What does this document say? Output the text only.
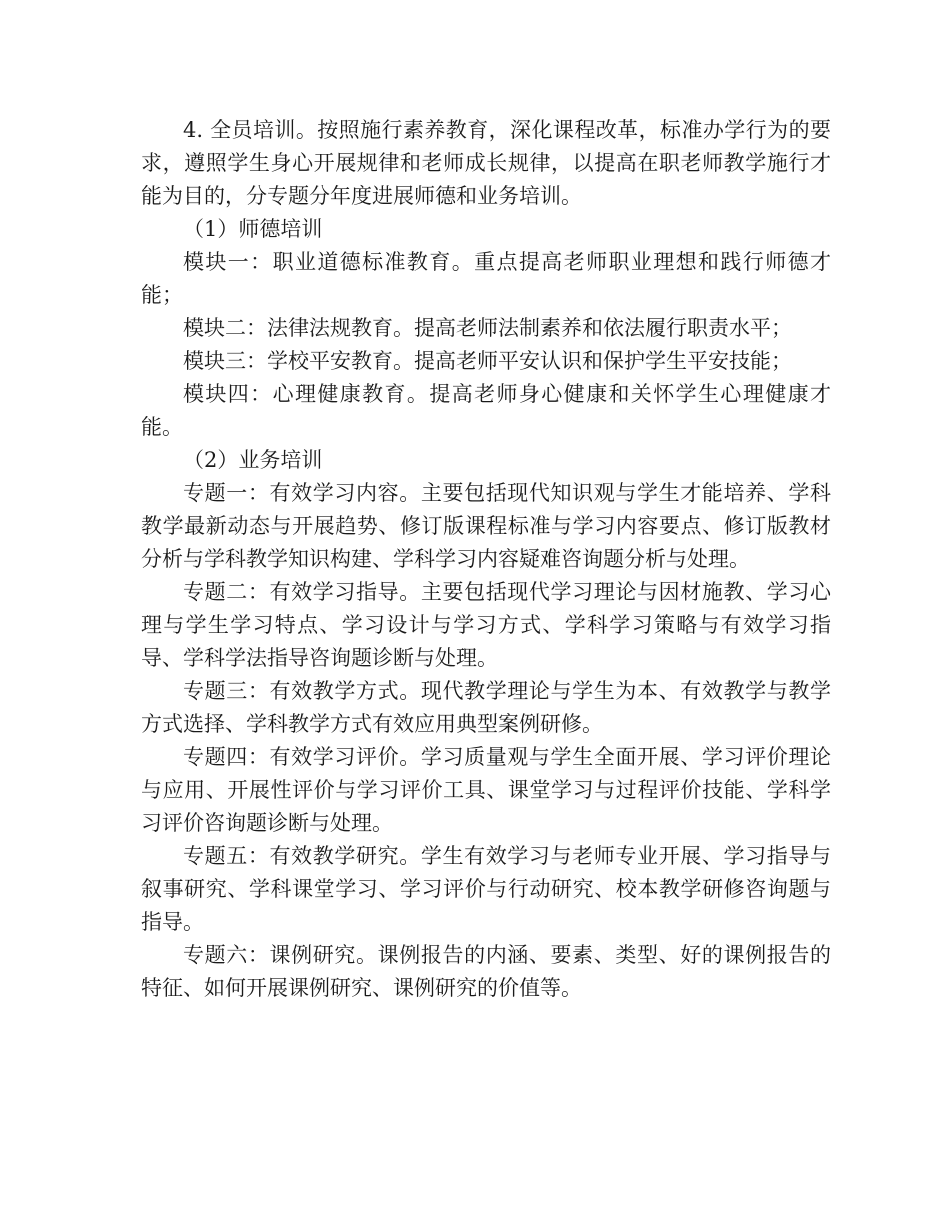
4. 全员培训。按照施行素养教育，深化课程改革，标准办学行为的要求，遵照学生身心开展规律和老师成长规律，以提高在职老师教学施行才能为目的，分专题分年度进展师德和业务培训。

（1）师德培训

模块一：职业道德标准教育。重点提高老师职业理想和践行师德才能；

模块二：法律法规教育。提高老师法制素养和依法履行职责水平；

模块三：学校平安教育。提高老师平安认识和保护学生平安技能；

模块四：心理健康教育。提高老师身心健康和关怀学生心理健康才能。

（2）业务培训

专题一：有效学习内容。主要包括现代知识观与学生才能培养、学科教学最新动态与开展趋势、修订版课程标准与学习内容要点、修订版教材分析与学科教学知识构建、学科学习内容疑难咨询题分析与处理。

专题二：有效学习指导。主要包括现代学习理论与因材施教、学习心理与学生学习特点、学习设计与学习方式、学科学习策略与有效学习指导、学科学法指导咨询题诊断与处理。

专题三：有效教学方式。现代教学理论与学生为本、有效教学与教学方式选择、学科教学方式有效应用典型案例研修。

专题四：有效学习评价。学习质量观与学生全面开展、学习评价理论与应用、开展性评价与学习评价工具、课堂学习与过程评价技能、学科学习评价咨询题诊断与处理。

专题五：有效教学研究。学生有效学习与老师专业开展、学习指导与叙事研究、学科课堂学习、学习评价与行动研究、校本教学研修咨询题与指导。

专题六：课例研究。课例报告的内涵、要素、类型、好的课例报告的特征、如何开展课例研究、课例研究的价值等。
